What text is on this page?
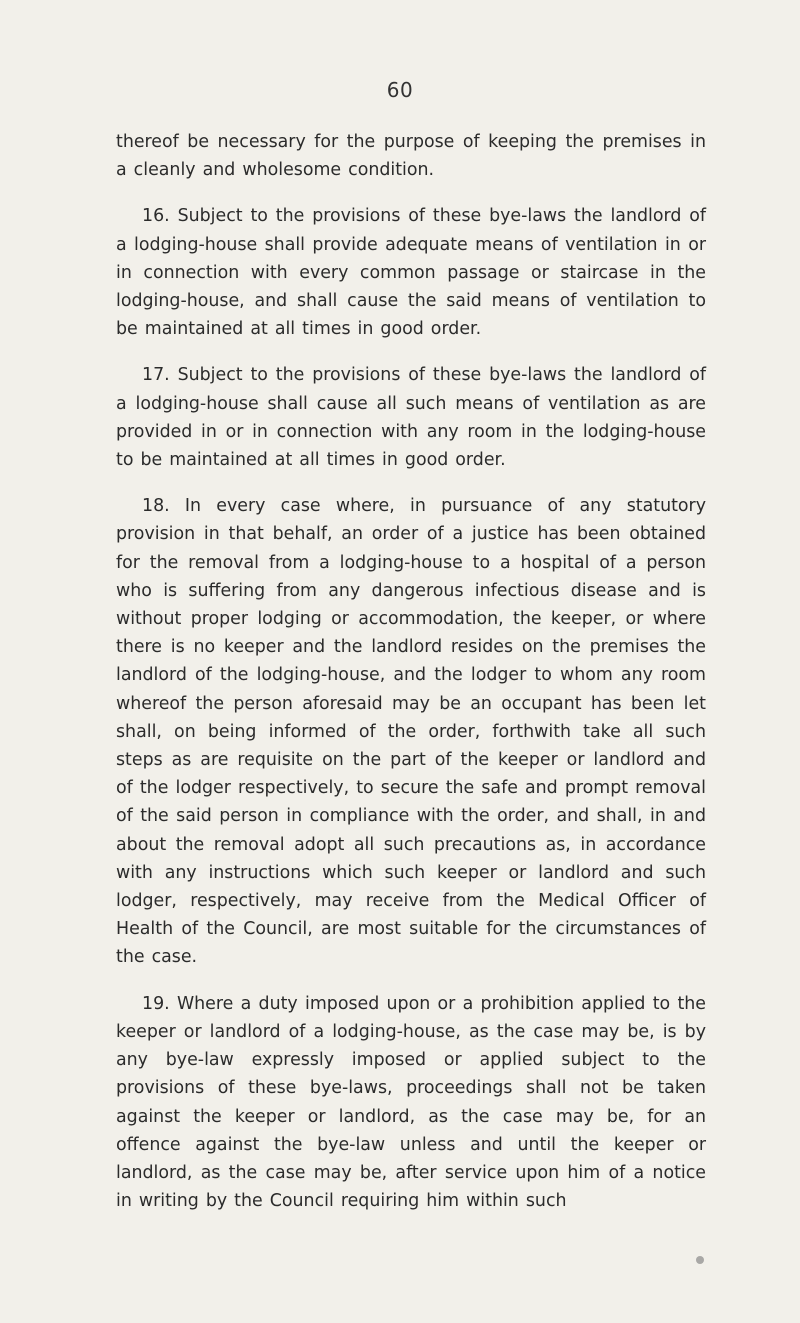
60

thereof be necessary for the purpose of keeping the premises in a cleanly and wholesome condition.

16. Subject to the provisions of these bye-laws the landlord of a lodging-house shall provide adequate means of ventilation in or in connection with every common passage or staircase in the lodging-house, and shall cause the said means of ventilation to be maintained at all times in good order.

17. Subject to the provisions of these bye-laws the landlord of a lodging-house shall cause all such means of ventilation as are provided in or in connection with any room in the lodging-house to be maintained at all times in good order.

18. In every case where, in pursuance of any statutory provision in that behalf, an order of a justice has been obtained for the removal from a lodging-house to a hospital of a person who is suffering from any dangerous infectious disease and is without proper lodging or accommodation, the keeper, or where there is no keeper and the landlord resides on the premises the landlord of the lodging-house, and the lodger to whom any room whereof the person aforesaid may be an occupant has been let shall, on being informed of the order, forthwith take all such steps as are requisite on the part of the keeper or landlord and of the lodger respectively, to secure the safe and prompt removal of the said person in compliance with the order, and shall, in and about the removal adopt all such precautions as, in accordance with any instructions which such keeper or landlord and such lodger, respectively, may receive from the Medical Officer of Health of the Council, are most suitable for the circumstances of the case.

19. Where a duty imposed upon or a prohibition applied to the keeper or landlord of a lodging-house, as the case may be, is by any bye-law expressly imposed or applied subject to the provisions of these bye-laws, proceedings shall not be taken against the keeper or landlord, as the case may be, for an offence against the bye-law unless and until the keeper or landlord, as the case may be, after service upon him of a notice in writing by the Council requiring him within such
